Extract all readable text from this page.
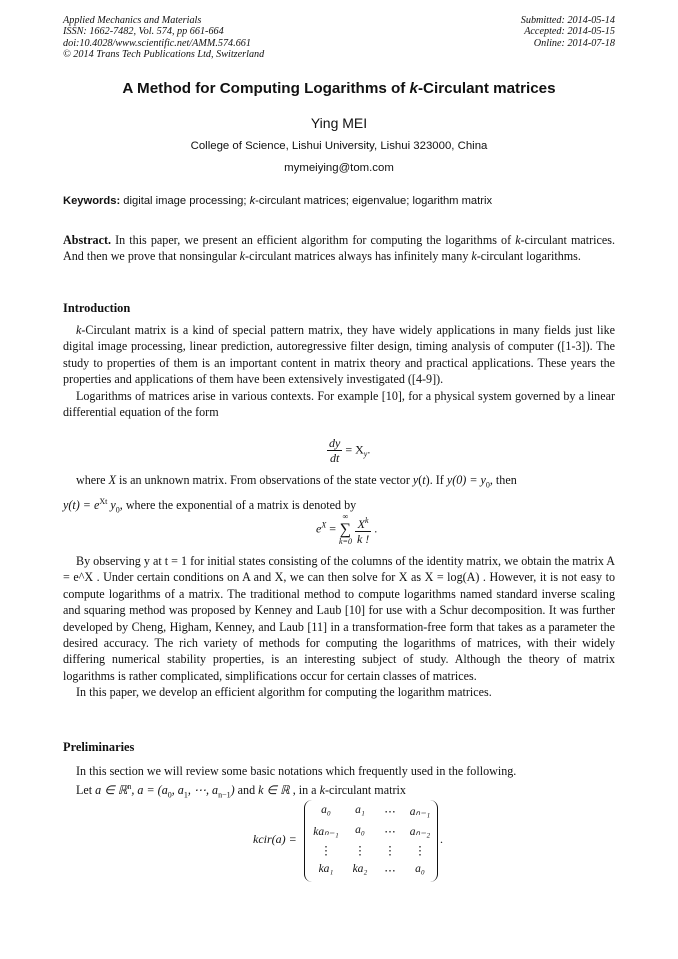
Applied Mechanics and Materials
ISSN: 1662-7482, Vol. 574, pp 661-664
doi:10.4028/www.scientific.net/AMM.574.661
© 2014 Trans Tech Publications Ltd, Switzerland
Submitted: 2014-05-14
Accepted: 2014-05-15
Online: 2014-07-18
A Method for Computing Logarithms of k-Circulant matrices
Ying MEI
College of Science, Lishui University, Lishui 323000, China
mymeiying@tom.com
Keywords: digital image processing; k-circulant matrices; eigenvalue; logarithm matrix

Abstract. In this paper, we present an efficient algorithm for computing the logarithms of k-circulant matrices. And then we prove that nonsingular k-circulant matrices always has infinitely many k-circulant logarithms.

Introduction

k-Circulant matrix is a kind of special pattern matrix, they have widely applications in many fields just like digital image processing, linear prediction, autoregressive filter design, timing analysis of computer ([1-3]). The study to properties of them is an important content in matrix theory and practical applications. These years the properties and applications of them have been extensively investigated ([4-9]).

Logarithms of matrices arise in various contexts. For example [10], for a physical system governed by a linear differential equation of the form

$\frac{dy}{dt} = X_y$.

where X is an unknown matrix. From observations of the state vector y(t). If $y(0) = y_0$, then

$y(t) = e^{Xt}$ $y_0$, where the exponential of a matrix is denoted by

$e^X$ =
∞
∑
k=0
$\frac{X^k}{k !}$ .

By observing y at t = 1 for initial states consisting of the columns of the identity matrix, we obtain the matrix A = e^X . Under certain conditions on A and X, we can then solve for X as X = log(A) . However, it is not easy to compute logarithms of a matrix. The traditional method to compute logarithms named standard inverse scaling and squaring method was proposed by Kenney and Laub [10] for use with a Schur decomposition. It was further developed by Cheng, Higham, Kenney, and Laub [11] in a transformation-free form that takes as a parameter the desired accuracy. The rich variety of methods for computing the logarithms of matrices, with their widely differing numerical stability properties, is an interesting subject of study. Although the theory of matrix logarithms is rather complicated, simplifications occur for certain classes of matrices.

In this paper, we develop an efficient algorithm for computing the logarithm matrices.

Preliminaries

In this section we will review some basic notations which frequently used in the following.

Let a ∈ ℝ$^n$, $a = (a_0$, $a_1$, ⋯, $a_{n-1}$) and k ∈ ℝ , in a k-circulant matrix

kcir(a) =
a₀	a₁	⋯	aₙ₋₁
kaₙ₋₁	a₀	⋯	aₙ₋₂
⋮	⋮	⋮	⋮
ka₁	ka₂	⋯	a₀
.
